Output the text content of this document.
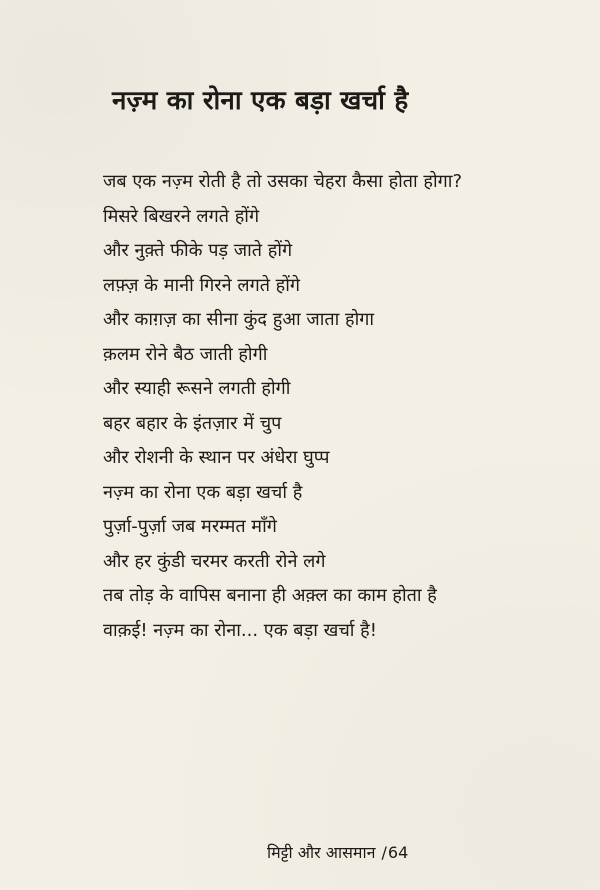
नज़्म का रोना एक बड़ा खर्चा है
जब एक नज़्म रोती है तो उसका चेहरा कैसा होता होगा?
मिसरे बिखरने लगते होंगे
और नुक़्ते फीके पड़ जाते होंगे
लफ़्ज़ के मानी गिरने लगते होंगे
और काग़ज़ का सीना कुंद हुआ जाता होगा
क़लम रोने बैठ जाती होगी
और स्याही रूसने लगती होगी
बहर बहार के इंतज़ार में चुप
और रोशनी के स्थान पर अंधेरा घुप्प
नज़्म का रोना एक बड़ा खर्चा है
पुर्ज़ा-पुर्ज़ा जब मरम्मत माँगे
और हर कुंडी चरमर करती रोने लगे
तब तोड़ के वापिस बनाना ही अक़्ल का काम होता है
वाक़ई! नज़्म का रोना... एक बड़ा खर्चा है!
मिट्टी और आसमान /64
